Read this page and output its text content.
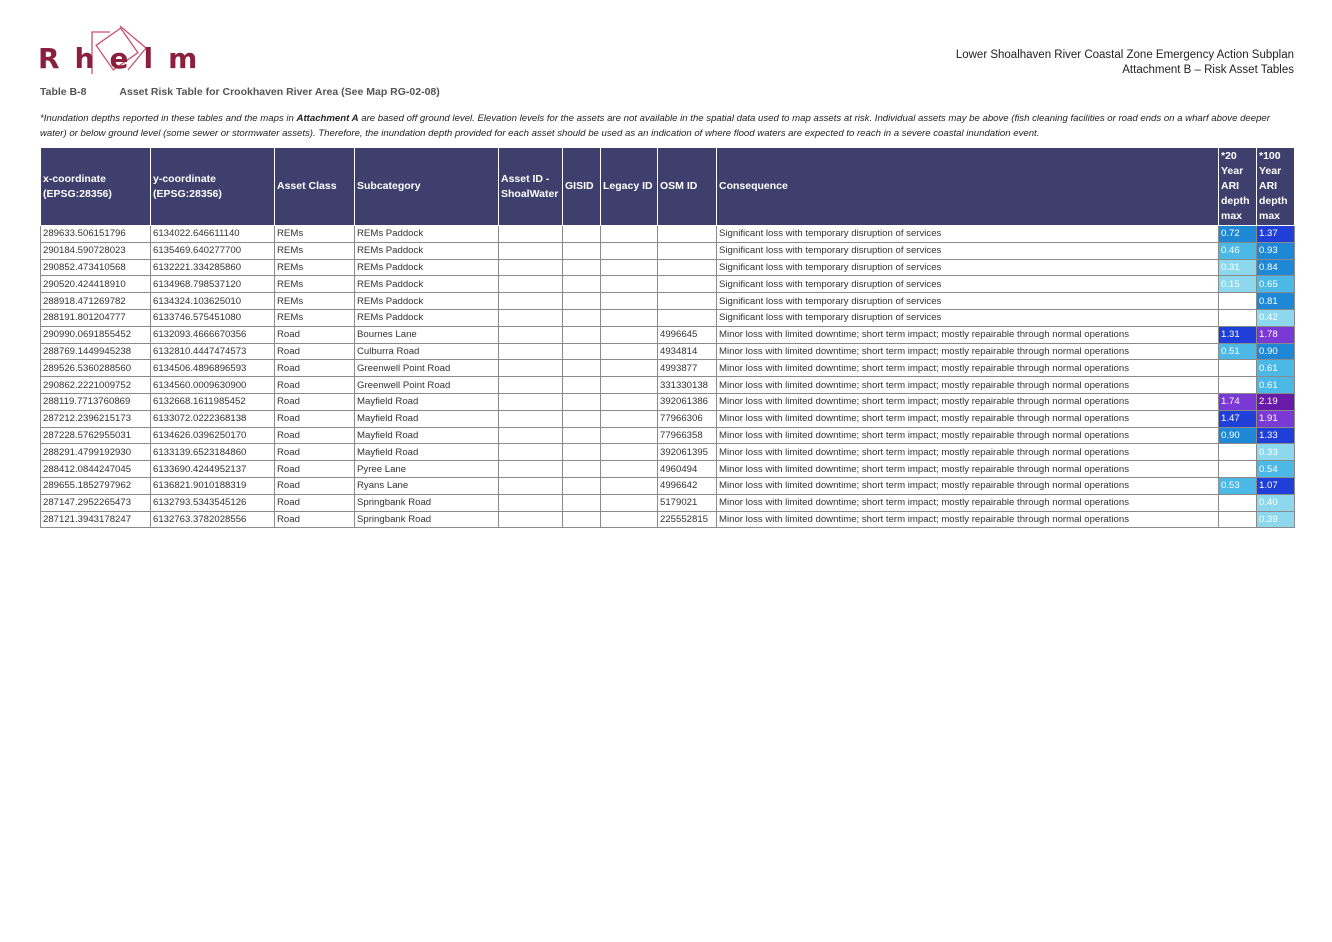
Rhelm	Lower Shoalhaven River Coastal Zone Emergency Action Subplan
Attachment B – Risk Asset Tables
Table B-8	Asset Risk Table for Crookhaven River Area (See Map RG-02-08)
*Inundation depths reported in these tables and the maps in Attachment A are based off ground level. Elevation levels for the assets are not available in the spatial data used to map assets at risk. Individual assets may be above (fish cleaning facilities or road ends on a wharf above deeper water) or below ground level (some sewer or stormwater assets). Therefore, the inundation depth provided for each asset should be used as an indication of where flood waters are expected to reach in a severe coastal inundation event.
x-coordinate (EPSG:28356)	y-coordinate (EPSG:28356)	Asset Class	Subcategory	Asset ID - ShoalWater	GISID	Legacy ID	OSM ID	Consequence	*20 Year ARI depth max	*100 Year ARI depth max
289633.506151796	6134022.646611140	REMs	REMs Paddock					Significant loss with temporary disruption of services	0.72	1.37
290184.590728023	6135469.640277700	REMs	REMs Paddock					Significant loss with temporary disruption of services	0.46	0.93
290852.473410568	6132221.334285860	REMs	REMs Paddock					Significant loss with temporary disruption of services	0.31	0.84
290520.424418910	6134968.798537120	REMs	REMs Paddock					Significant loss with temporary disruption of services	0.15	0.65
288918.471269782	6134324.103625010	REMs	REMs Paddock					Significant loss with temporary disruption of services		0.81
288191.801204777	6133746.575451080	REMs	REMs Paddock					Significant loss with temporary disruption of services		0.42
290990.0691855452	6132093.4666670356	Road	Bournes Lane				4996645	Minor loss with limited downtime; short term impact; mostly repairable through normal operations	1.31	1.78
288769.1449945238	6132810.4447474573	Road	Culburra Road				4934814	Minor loss with limited downtime; short term impact; mostly repairable through normal operations	0.51	0.90
289526.5360288560	6134506.4896896593	Road	Greenwell Point Road				4993877	Minor loss with limited downtime; short term impact; mostly repairable through normal operations		0.61
290862.2221009752	6134560.0009630900	Road	Greenwell Point Road				331330138	Minor loss with limited downtime; short term impact; mostly repairable through normal operations		0.61
288119.7713760869	6132668.1611985452	Road	Mayfield Road				392061386	Minor loss with limited downtime; short term impact; mostly repairable through normal operations	1.74	2.19
287212.2396215173	6133072.0222368138	Road	Mayfield Road				77966306	Minor loss with limited downtime; short term impact; mostly repairable through normal operations	1.47	1.91
287228.5762955031	6134626.0396250170	Road	Mayfield Road				77966358	Minor loss with limited downtime; short term impact; mostly repairable through normal operations	0.90	1.33
288291.4799192930	6133139.6523184860	Road	Mayfield Road				392061395	Minor loss with limited downtime; short term impact; mostly repairable through normal operations		0.33
288412.0844247045	6133690.4244952137	Road	Pyree Lane				4960494	Minor loss with limited downtime; short term impact; mostly repairable through normal operations		0.54
289655.1852797962	6136821.9010188319	Road	Ryans Lane				4996642	Minor loss with limited downtime; short term impact; mostly repairable through normal operations	0.53	1.07
287147.2952265473	6132793.5343545126	Road	Springbank Road				5179021	Minor loss with limited downtime; short term impact; mostly repairable through normal operations		0.40
287121.3943178247	6132763.3782028556	Road	Springbank Road				225552815	Minor loss with limited downtime; short term impact; mostly repairable through normal operations		0.39
